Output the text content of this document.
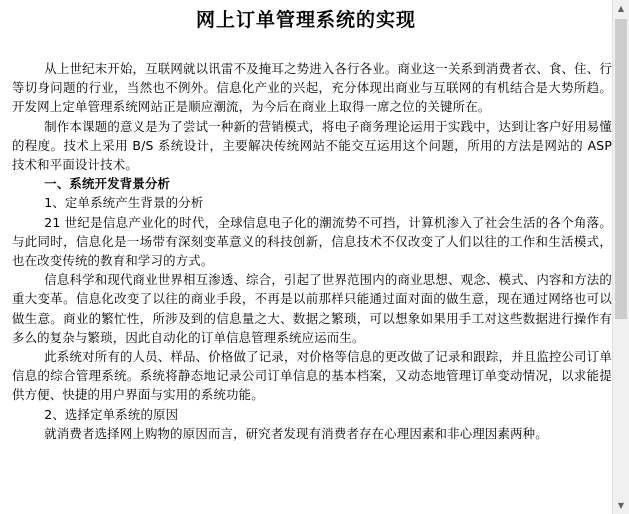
网上订单管理系统的实现

从上世纪末开始，互联网就以讯雷不及掩耳之势进入各行各业。商业这一关系到消费者衣、食、住、行等切身问题的行业，当然也不例外。信息化产业的兴起，充分体现出商业与互联网的有机结合是大势所趋。开发网上定单管理系统网站正是顺应潮流，为今后在商业上取得一席之位的关键所在。

制作本课题的意义是为了尝试一种新的营销模式，将电子商务理论运用于实践中，达到让客户好用易懂的程度。技术上采用 B/S 系统设计，主要解决传统网站不能交互运用这个问题，所用的方法是网站的 ASP 技术和平面设计技术。

一、系统开发背景分析

1、定单系统产生背景的分析

21 世纪是信息产业化的时代，全球信息电子化的潮流势不可挡，计算机渗入了社会生活的各个角落。与此同时，信息化是一场带有深刻变革意义的科技创新，信息技术不仅改变了人们以往的工作和生活模式，也在改变传统的教育和学习的方式。

信息科学和现代商业世界相互渗透、综合，引起了世界范围内的商业思想、观念、模式、内容和方法的重大变革。信息化改变了以往的商业手段，不再是以前那样只能通过面对面的做生意，现在通过网络也可以做生意。商业的繁忙性，所涉及到的信息量之大、数据之繁琐，可以想象如果用手工对这些数据进行操作有多么的复杂与繁琐，因此自动化的订单信息管理系统应运而生。

此系统对所有的人员、样品、价格做了记录，对价格等信息的更改做了记录和跟踪，并且监控公司订单信息的综合管理系统。系统将静态地记录公司订单信息的基本档案，又动态地管理订单变动情况，以求能提供方便、快捷的用户界面与实用的系统功能。

2、选择定单系统的原因

就消费者选择网上购物的原因而言，研究者发现有消费者存在心理因素和非心理因素两种。

▲
▼
